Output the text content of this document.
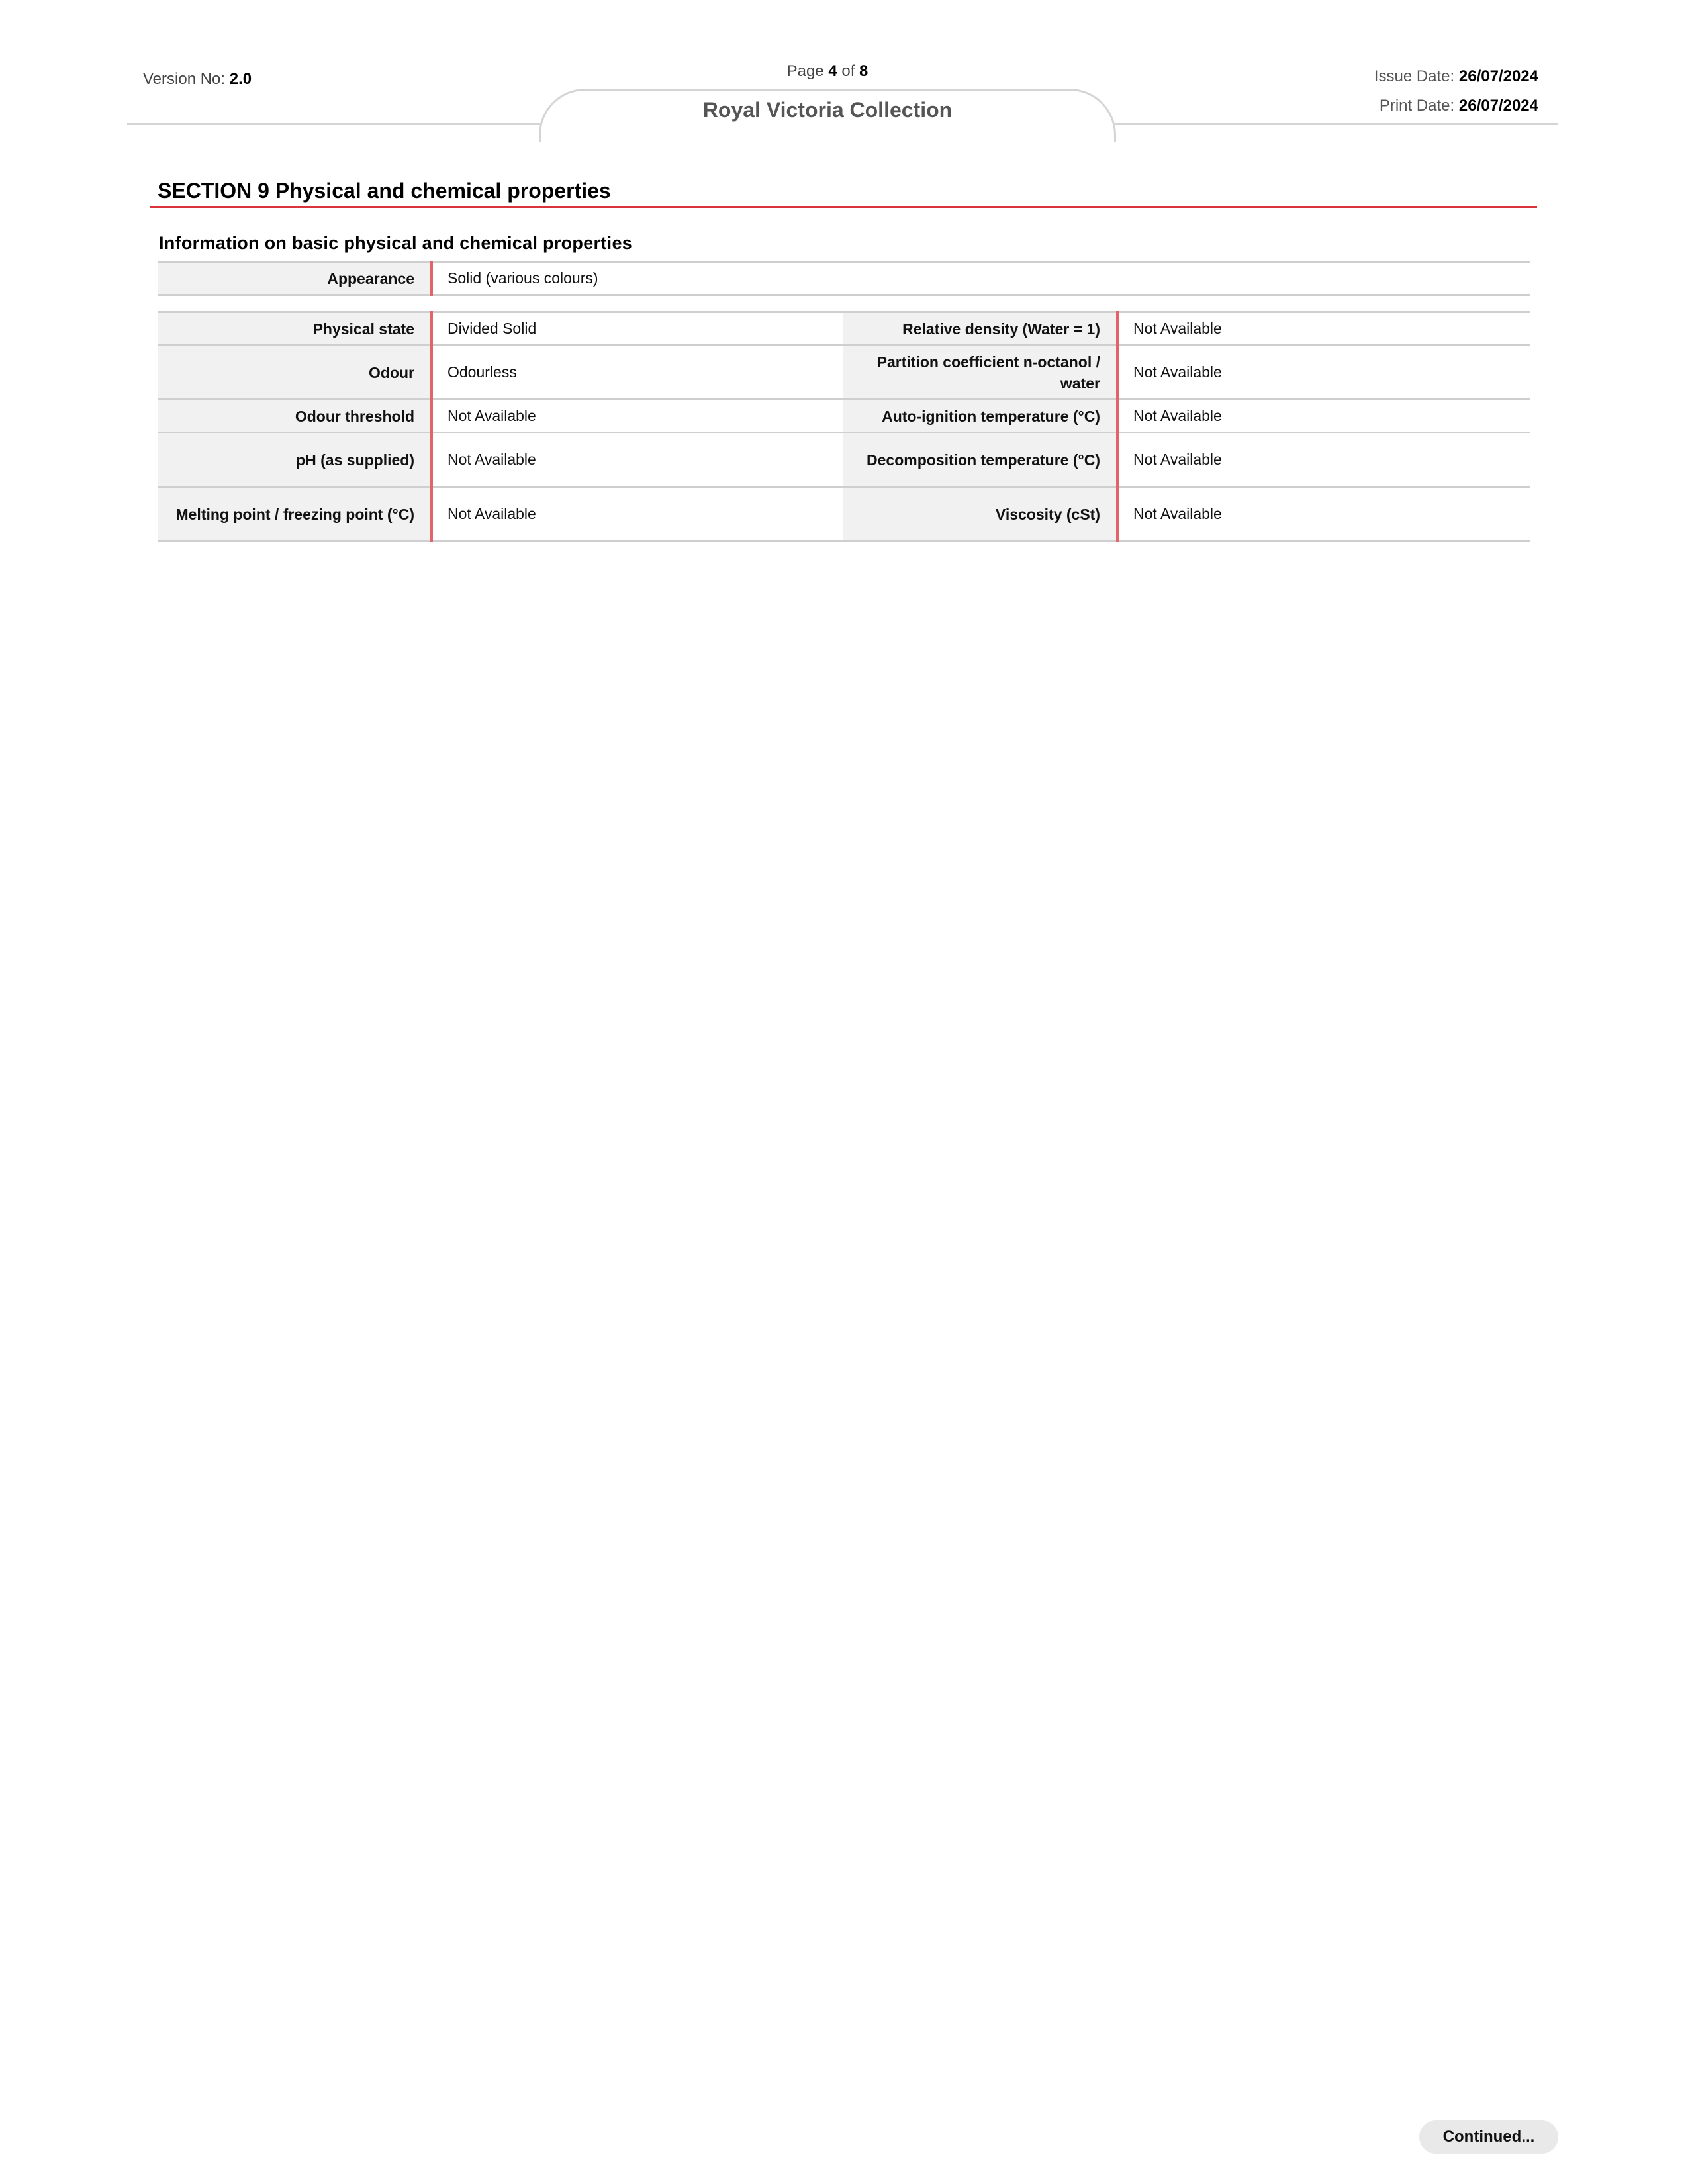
Version No: 2.0	Page 4 of 8	Issue Date: 26/07/2024
Print Date: 26/07/2024
Royal Victoria Collection
SECTION 9 Physical and chemical properties
Information on basic physical and chemical properties
Appearance	Solid (various colours)
Physical state	Divided Solid	Relative density (Water = 1)	Not Available
Odour	Odourless	Partition coefficient n-octanol / water	Not Available
Odour threshold	Not Available	Auto-ignition temperature (°C)	Not Available
pH (as supplied)	Not Available	Decomposition temperature (°C)	Not Available
Melting point / freezing point (°C)	Not Available	Viscosity (cSt)	Not Available
Continued...
